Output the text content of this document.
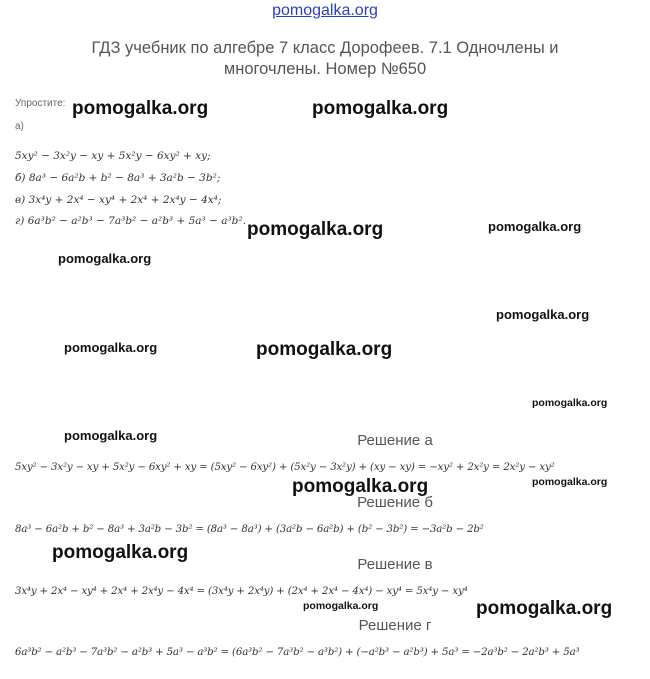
pomogalka.org
ГДЗ учебник по алгебре 7 класс Дорофеев. 7.1 Одночлены и
многочлены. Номер №650
Упростите:
а)
5xy² − 3x²y − xy + 5x²y − 6xy² + xy;
б) 8a³ − 6a²b + b² − 8a³ + 3a²b − 3b²;
в) 3x⁴y + 2x⁴ − xy⁴ + 2x⁴ + 2x⁴y − 4x⁴;
г) 6a³b² − a²b³ − 7a³b² − a²b³ + 5a³ − a³b².
Решение а
5xy² − 3x²y − xy + 5x²y − 6xy² + xy = (5xy² − 6xy²) + (5x²y − 3x²y) + (xy − xy) = −xy² + 2x²y = 2x²y − xy²
Решение б
8a³ − 6a²b + b² − 8a³ + 3a²b − 3b² = (8a³ − 8a³) + (3a²b − 6a²b) + (b² − 3b²) = −3a²b − 2b²
Решение в
3x⁴y + 2x⁴ − xy⁴ + 2x⁴ + 2x⁴y − 4x⁴ = (3x⁴y + 2x⁴y) + (2x⁴ + 2x⁴ − 4x⁴) − xy⁴ = 5x⁴y − xy⁴
Решение г
6a³b² − a²b³ − 7a³b² − a²b³ + 5a³ − a³b² = (6a³b² − 7a³b² − a³b²) + (−a²b³ − a²b³) + 5a³ = −2a³b² − 2a²b³ + 5a³
pomogalka.org	pomogalka.org
pomogalka.org	pomogalka.org
pomogalka.org
pomogalka.org
pomogalka.org	pomogalka.org
pomogalka.org
pomogalka.org
pomogalka.org	pomogalka.org
pomogalka.org
pomogalka.org	pomogalka.org
